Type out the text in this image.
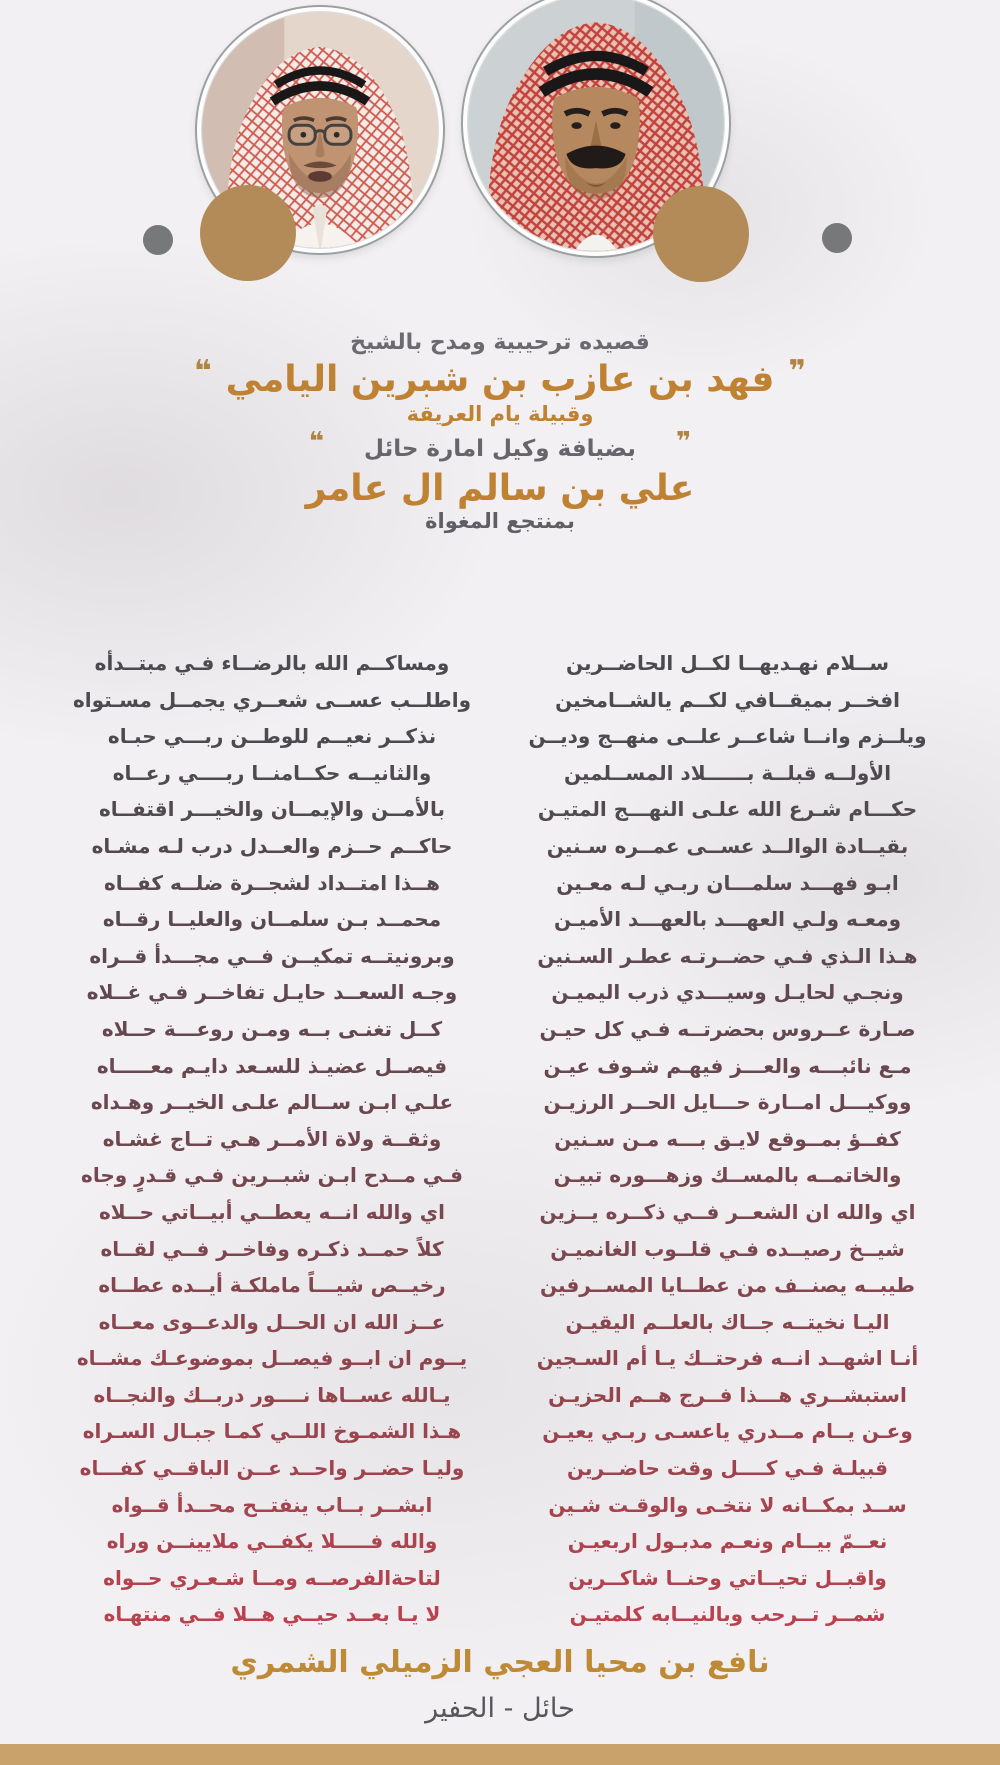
قصيده ترحيبية ومدح بالشيخ
❞فهد بن عازب بن شبرين اليامي❝
وقبيلة يام العريقة
❞بضيافة وكيل امارة حائل❝
علي بن سالم ال عامر
بمنتجع المغواة
ســلام نهـديهــا لكــل الحاضــرين
افخــر بميقــافي لكــم يالشــامخين
ويلــزم وانــا شاعــر علــى منهــج وديــن
الأولــه قبلــة بــــــلاد المســلمين
حكـــام شـرع الله علـى النهـــج المتيـن
بقيــادة الوالــد عســى عمــره سـنين
ابـو فهـــد سلمـــان ربـي لـه معـين
ومعـه ولـي العهـــد بالعهـــد الأميـن
هـذا الـذي فـي حضــرتـه عطـر السـنين
ونجـي لحايـل وسيـــدي ذرب اليميـن
صـارة عــروس بحضرتــه فـي كل حيـن
مـع نائبـــه والعـــز فيهـم شـوف عيـن
ووكيـــل امــارة حـــايل الحــر الرزيـن
كفــؤ بمــوقع لايـق بـــه مـن سـنين
والخاتمــه بالمســك وزهـــوره تبيـن
اي والله ان الشعــر فــي ذكــره يــزين
شيــخ رصيــده فـي قلــوب الغانميـن
طيبــه يصنــف من عطــايا المســرفين
اليـا نخيتــه جــاك بالعلــم اليقيـن
أنـا اشهــد انــه فرحتــك يـا أم السـجين
استبشــري هـــذا فــرج هــم الحزيـن
وعـن يــام مــدري ياعسـى ربـي يعيـن
قبيلـة فـي كــــل وقت حاضــرين
ســد بمكــانه لا نتخـى والوقـت شـين
نعــمّ بيــام ونعـم مدبـول اربعيـن
واقبــل تحيــاتي وحنــا شاكــرين
شمــر تــرحب وبالنيــابه كلمتيـن
ومساكــم الله بالرضــاء فـي مبتــدأه
واطلــب عســى شعــري يجمــل مسـتواه
نذكــر نعيــم للوطــن ربـــي حبـاه
والثانيــه حكــامنــا ربــــي رعــاه
بالأمــن والإيمــان والخيـــر اقتفــاه
حاكــم حــزم والعــدل درب لـه مشـاه
هــذا امتــداد لشجــرة ضلــه كفــاه
محمــد بـن سلمــان والعليــا رقــاه
وبرونيتــه تمكيــن فــي مجـــدأ قــراه
وجـه السعــد حايـل تفاخــر فـي غــلاه
كــل تغنـى بــه ومـن روعـــة حــلاه
فيصــل عضيـذ للسـعد دايـم معـــــاه
علـي ابـن ســالم علـى الخيــر وهـداه
وثقــة ولاة الأمــر هـي تــاج غشـاه
فـي مــدح ابـن شبــرين فـي قـدرٍ وجاه
اي والله انــه يعطــي أبيــاتي حــلاه
كلاً حمــد ذكـره وفاخــر فــي لقــاه
رخيــص شيـــاً ماملكـة أيــده عطــاه
عــز الله ان الحــل والدعــوى معــاه
يــوم ان ابــو فيصــل بموضوعـك مشــاه
يـالله عســاها نــــور دربــك والنجــاه
هـذا الشمـوخ اللــي كمـا جبـال السـراه
وليـا حضــر واحــد عــن الباقــي كفـــاه
ابشــر بــاب ينفتــح محــدأ قــواه
والله فـــــلا يكفــي ملايينــن وراه
لتاحةالفرصــه ومــا شـعـري حــواه
لا يـا بعــد حيــي هــلا فــي منتهـاه
نافع بن محيا العجي الزميلي الشمري
حائل - الحفير
